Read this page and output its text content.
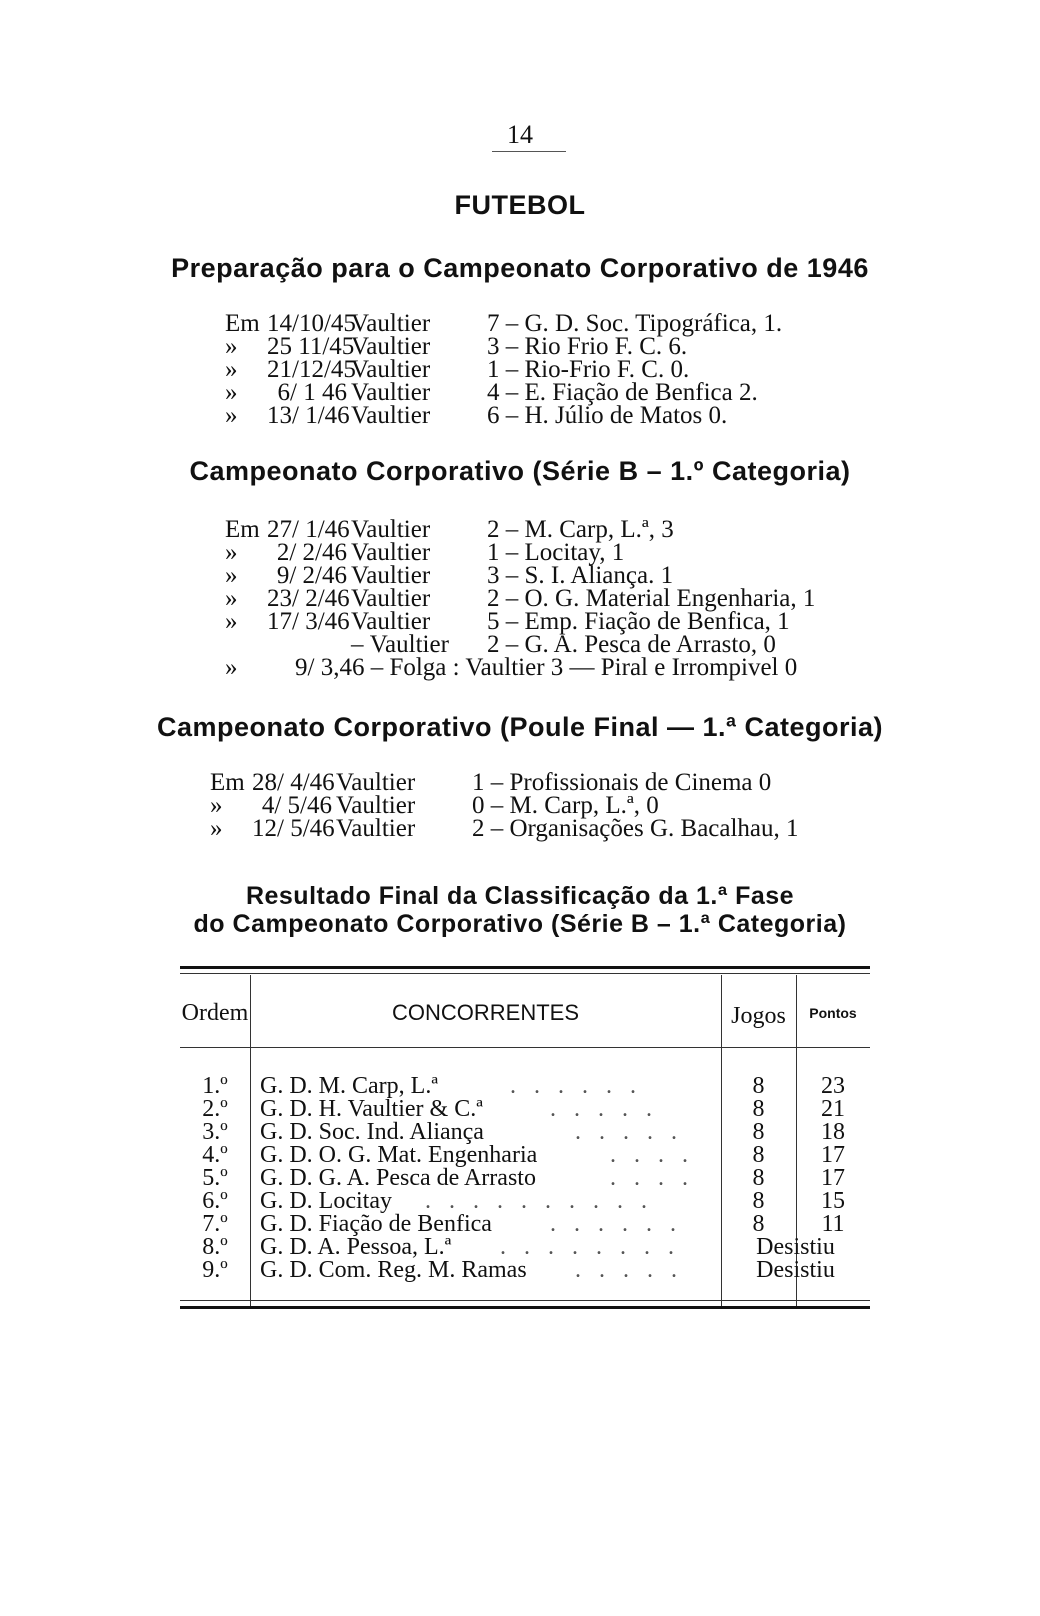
14
FUTEBOL
Preparação para o Campeonato Corporativo de 1946
Em 14/10/45Vaultier 7 – G. D. Soc. Tipográfica, 1.
» 25 11/45Vaultier 3 – Rio Frio F. C. 6.
» 21/12/45Vaultier 1 – Rio-Frio F. C. 0.
» 6/ 1 46 Vaultier 4 – E. Fiação de Benfica 2.
» 13/ 1/46Vaultier 6 – H. Júlio de Matos 0.
Campeonato Corporativo (Série B – 1.º Categoria)
Em 27/ 1/46Vaultier 2 – M. Carp, L.ª, 3
» 2/ 2/46 Vaultier 1 – Locitay, 1
» 9/ 2/46 Vaultier 3 – S. I. Aliança. 1
» 23/ 2/46Vaultier 2 – O. G. Material Engenharia, 1
» 17/ 3/46Vaultier 5 – Emp. Fiação de Benfica, 1
– Vaultier 2 – G. A. Pesca de Arrasto, 0
» 9/ 3,46 – Folga : Vaultier 3 — Piral e Irrompivel 0
Campeonato Corporativo (Poule Final — 1.ª Categoria)
Em 28/ 4/46Vaultier 1 – Profissionais de Cinema 0
» 4/ 5/46 Vaultier 0 – M. Carp, L.ª, 0
» 12/ 5/46Vaultier 2 – Organisações G. Bacalhau, 1
Resultado Final da Classificação da 1.ª Fase
do Campeonato Corporativo (Série B – 1.ª Categoria)
Ordem	CONCORRENTES	Jogos	Pontos
1.º	G. D. M. Carp, L.ª	. . . . . .	8	23
2.º	G. D. H. Vaultier & C.ª	. . . . .	8	21
3.º	G. D. Soc. Ind. Aliança	. . . . .	8	18
4.º	G. D. O. G. Mat. Engenharia	. . . .	8	17
5.º	G. D. G. A. Pesca de Arrasto	. . . .	8	17
6.º	G. D. Locitay . . . . . . . . . .	8	15
7.º	G. D. Fiação de Benfica . . . . . .	8	11
8.º	G. D. A. Pessoa, L.ª . . . . . . . .	Desistiu
9.º	G. D. Com. Reg. M. Ramas . . . . .	Desistiu
